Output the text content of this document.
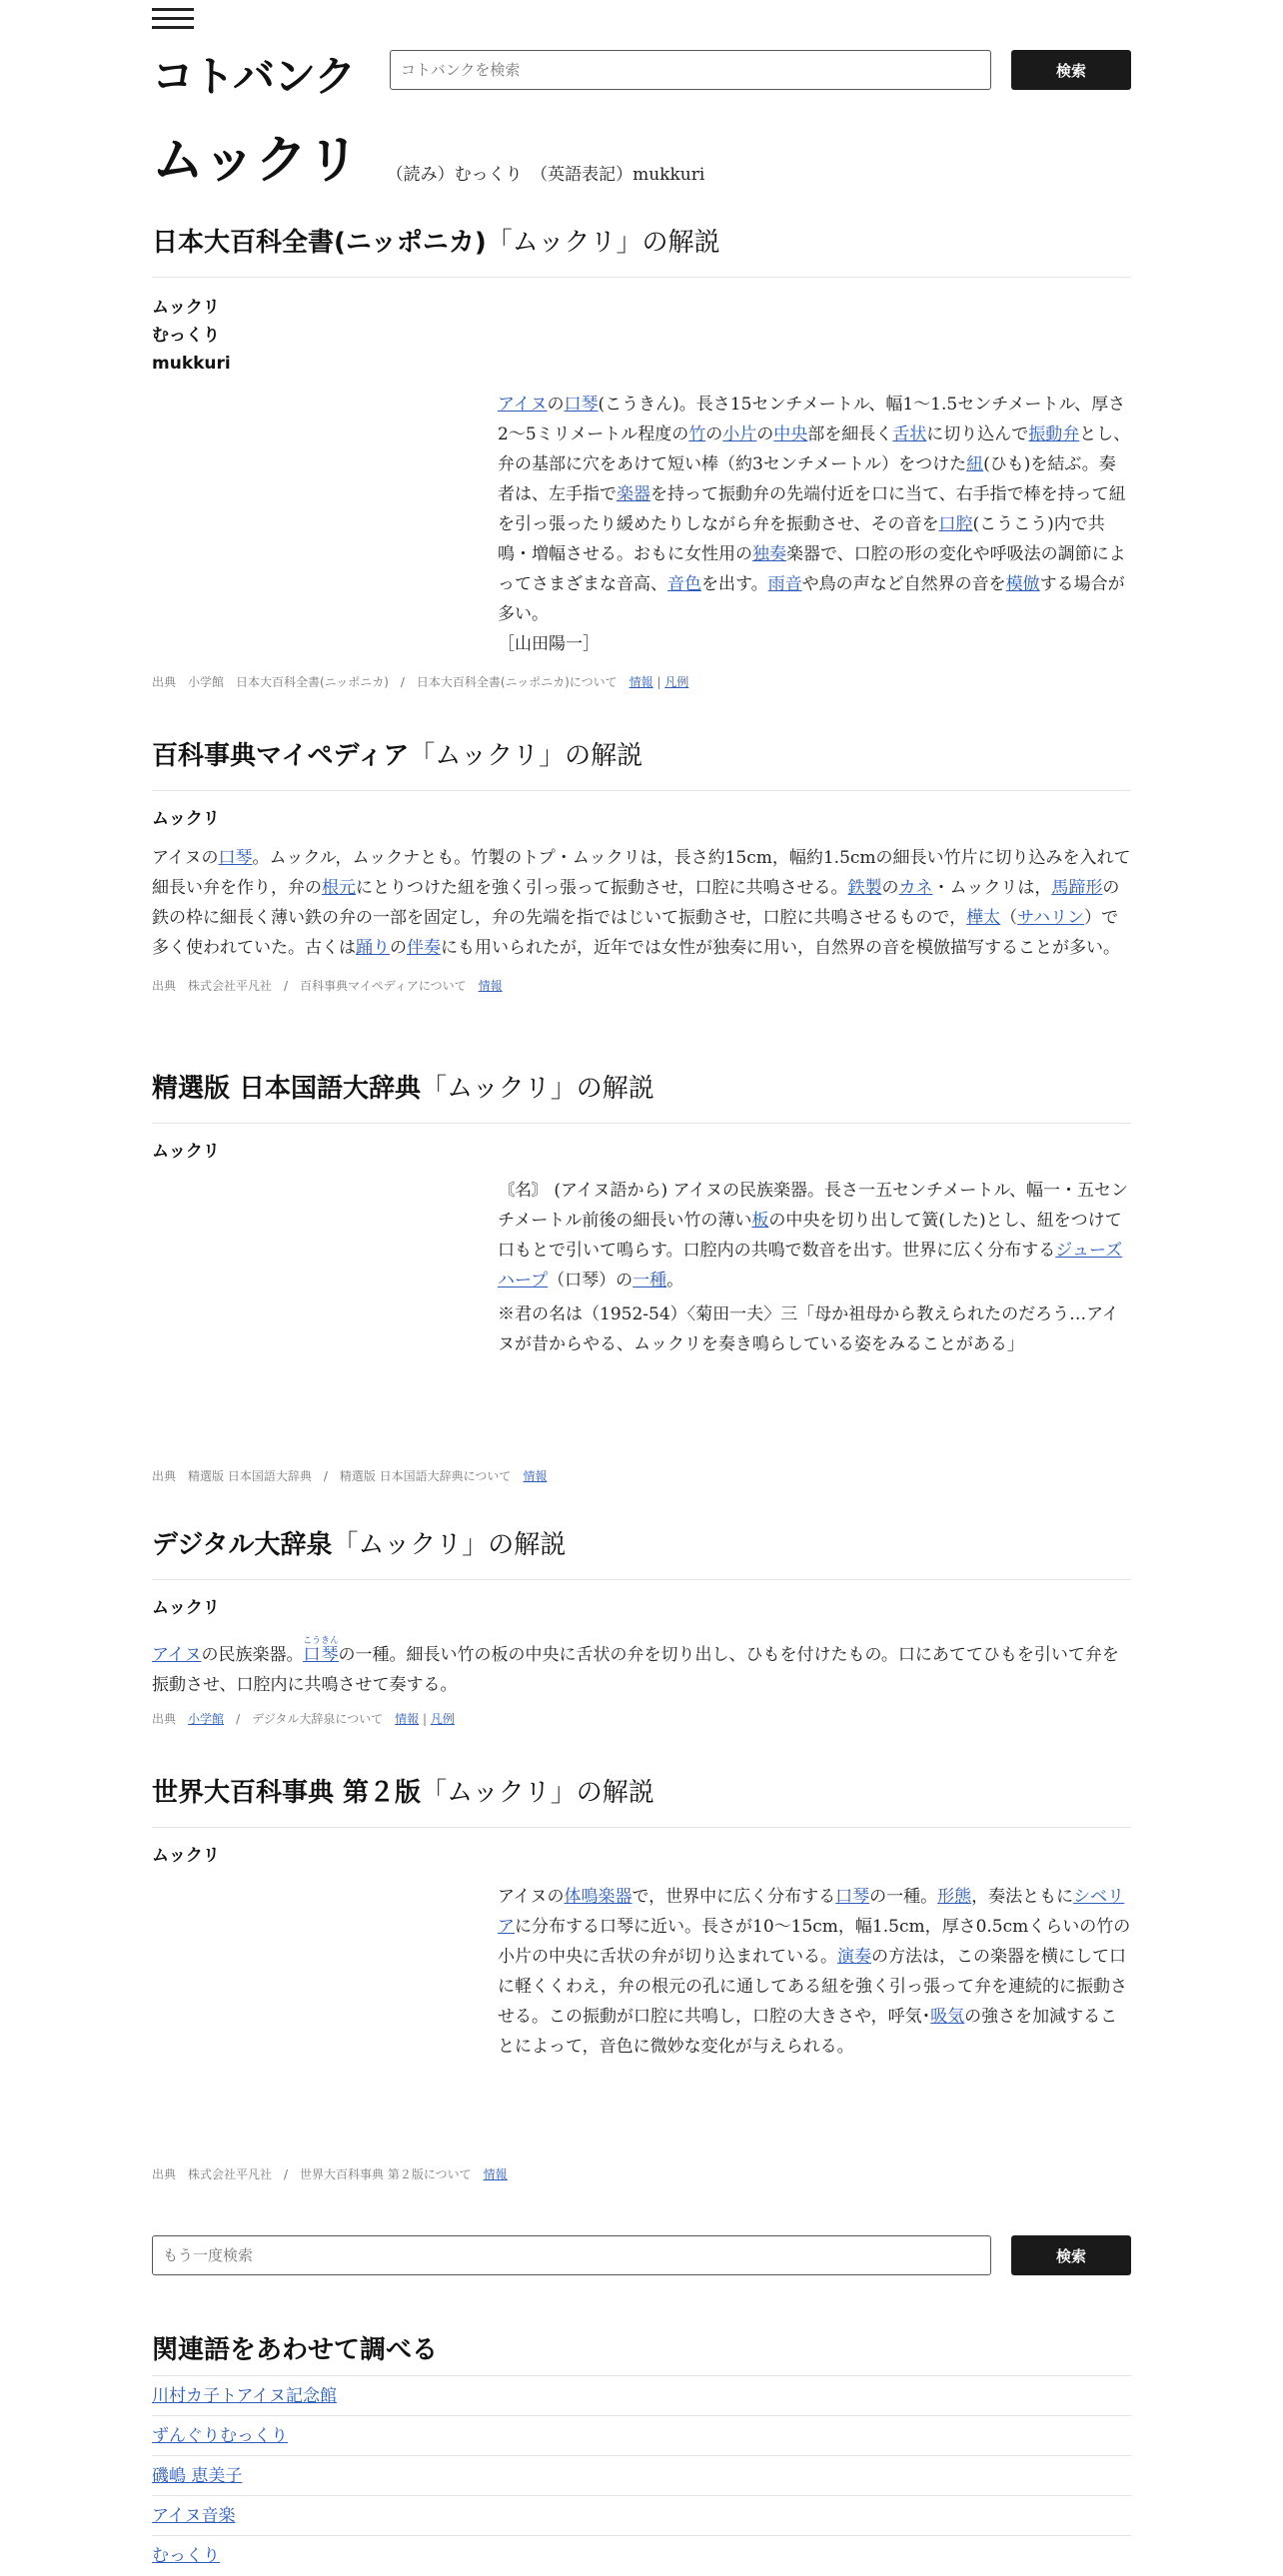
コトバンク
コトバンクを検索	検索
ムックリ （読み）むっくり　（英語表記）mukkuri
日本大百科全書(ニッポニカ)「ムックリ」の解説
ムックリ
むっくり
mukkuri
アイヌの口琴(こうきん)。長さ15センチメートル、幅1～1.5センチメートル、厚さ2～5ミリメートル程度の竹の小片の中央部を細長く舌状に切り込んで振動弁とし、弁の基部に穴をあけて短い棒（約3センチメートル）をつけた紐(ひも)を結ぶ。奏者は、左手指で楽器を持って振動弁の先端付近を口に当て、右手指で棒を持って紐を引っ張ったり緩めたりしながら弁を振動させ、その音を口腔(こうこう)内で共鳴・増幅させる。おもに女性用の独奏楽器で、口腔の形の変化や呼吸法の調節によってさまざまな音高、音色を出す。雨音や鳥の声など自然界の音を模倣する場合が多い。
［山田陽一］
出典　小学館　日本大百科全書(ニッポニカ)　/　日本大百科全書(ニッポニカ)について　 情報 | 凡例
百科事典マイペディア「ムックリ」の解説
ムックリ
アイヌの口琴。ムックル，ムックナとも。竹製のトプ・ムックリは，長さ約15cm，幅約1.5cmの細長い竹片に切り込みを入れて細長い弁を作り，弁の根元にとりつけた紐を強く引っ張って振動させ，口腔に共鳴させる。鉄製のカネ・ムックリは，馬蹄形の鉄の枠に細長く薄い鉄の弁の一部を固定し，弁の先端を指ではじいて振動させ，口腔に共鳴させるもので，樺太（サハリン）で多く使われていた。古くは踊りの伴奏にも用いられたが，近年では女性が独奏に用い，自然界の音を模倣描写することが多い。
出典　株式会社平凡社　/　百科事典マイペディアについて　 情報
精選版 日本国語大辞典「ムックリ」の解説
ムックリ
〘名〙 (アイヌ語から) アイヌの民族楽器。長さ一五センチメートル、幅一・五センチメートル前後の細長い竹の薄い板の中央を切り出して簧(した)とし、紐をつけて口もとで引いて鳴らす。口腔内の共鳴で数音を出す。世界に広く分布するジューズハープ（口琴）の一種。

※君の名は（1952-54）〈菊田一夫〉三「母か祖母から教えられたのだろう…アイヌが昔からやる、ムックリを奏き鳴らしている姿をみることがある」
出典　精選版 日本国語大辞典　/　精選版 日本国語大辞典について　 情報
デジタル大辞泉「ムックリ」の解説
ムックリ
アイヌの民族楽器。口琴こうきんの一種。細長い竹の板の中央に舌状の弁を切り出し、ひもを付けたもの。口にあててひもを引いて弁を振動させ、口腔内に共鳴させて奏する。
出典　 小学館　 /　デジタル大辞泉について　 情報 | 凡例
世界大百科事典 第２版「ムックリ」の解説
ムックリ
アイヌの体鳴楽器で，世界中に広く分布する口琴の一種。形態，奏法ともにシベリアに分布する口琴に近い。長さが10～15cm，幅1.5cm，厚さ0.5cmくらいの竹の小片の中央に舌状の弁が切り込まれている。演奏の方法は，この楽器を横にして口に軽くくわえ，弁の根元の孔に通してある紐を強く引っ張って弁を連続的に振動させる。この振動が口腔に共鳴し，口腔の大きさや，呼気･吸気の強さを加減することによって，音色に微妙な変化が与えられる。
出典　株式会社平凡社　/　世界大百科事典 第２版について　 情報
もう一度検索
検索
関連語をあわせて調べる
川村カ子トアイヌ記念館
ずんぐりむっくり
磯嶋 恵美子
アイヌ音楽
むっくり
